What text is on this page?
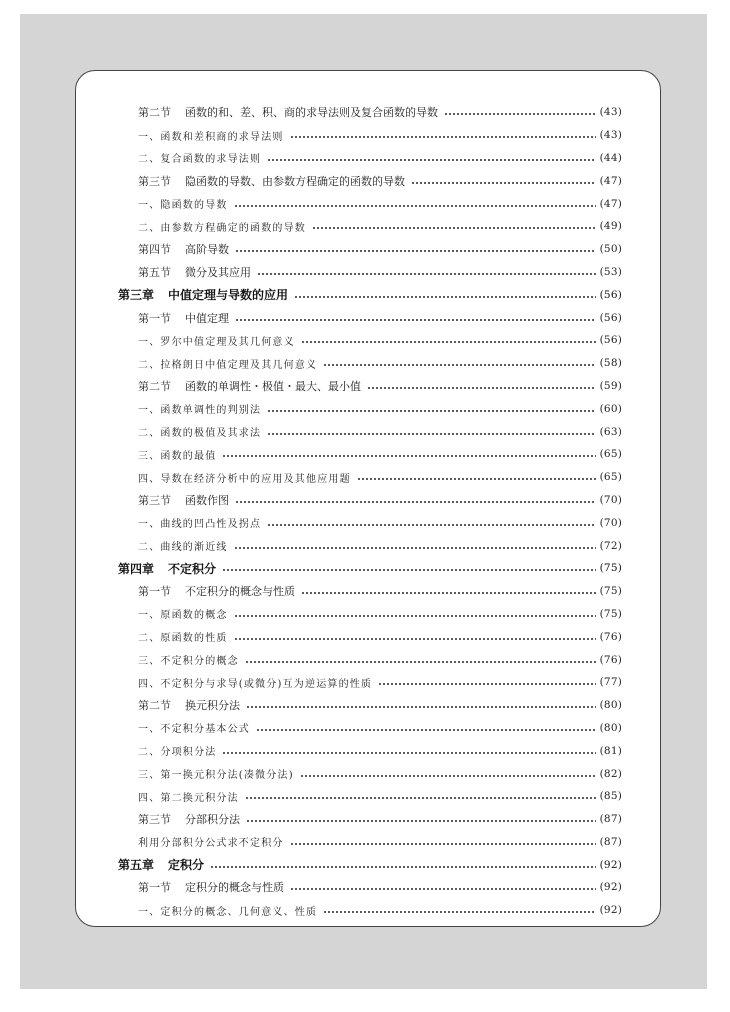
第二节 函数的和、差、积、商的求导法则及复合函数的导数	(43)
一、函数和差积商的求导法则	(43)
二、复合函数的求导法则	(44)
第三节 隐函数的导数、由参数方程确定的函数的导数	(47)
一、隐函数的导数	(47)
二、由参数方程确定的函数的导数	(49)
第四节 高阶导数	(50)
第五节 微分及其应用	(53)
第三章 中值定理与导数的应用	(56)
第一节 中值定理	(56)
一、罗尔中值定理及其几何意义	(56)
二、拉格朗日中值定理及其几何意义	(58)
第二节 函数的单调性・极值・最大、最小值	(59)
一、函数单调性的判别法	(60)
二、函数的极值及其求法	(63)
三、函数的最值	(65)
四、导数在经济分析中的应用及其他应用题	(65)
第三节 函数作图	(70)
一、曲线的凹凸性及拐点	(70)
二、曲线的渐近线	(72)
第四章 不定积分	(75)
第一节 不定积分的概念与性质	(75)
一、原函数的概念	(75)
二、原函数的性质	(76)
三、不定积分的概念	(76)
四、不定积分与求导(或微分)互为逆运算的性质	(77)
第二节 换元积分法	(80)
一、不定积分基本公式	(80)
二、分项积分法	(81)
三、第一换元积分法(凑微分法)	(82)
四、第二换元积分法	(85)
第三节 分部积分法	(87)
利用分部积分公式求不定积分	(87)
第五章 定积分	(92)
第一节 定积分的概念与性质	(92)
一、定积分的概念、几何意义、性质	(92)
